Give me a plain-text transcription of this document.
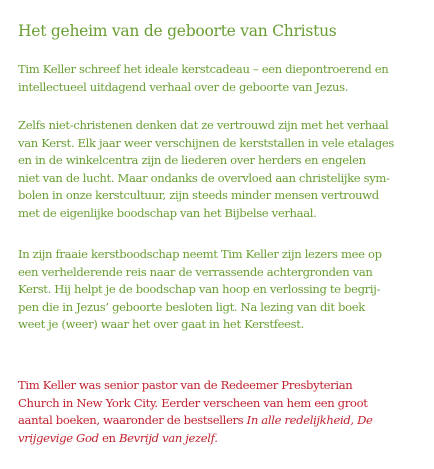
Het geheim van de geboorte van Christus

Tim Keller schreef het ideale kerstcadeau – een diepontroerend en
intellectueel uitdagend verhaal over de geboorte van Jezus.

Zelfs niet-christenen denken dat ze vertrouwd zijn met het verhaal
van Kerst. Elk jaar weer verschijnen de kerststallen in vele etalages
en in de winkelcentra zijn de liederen over herders en engelen
niet van de lucht. Maar ondanks de overvloed aan christelijke sym-
bolen in onze kerstcultuur, zijn steeds minder mensen vertrouwd
met de eigenlijke boodschap van het Bijbelse verhaal.

In zijn fraaie kerstboodschap neemt Tim Keller zijn lezers mee op
een verhelderende reis naar de verrassende achtergronden van
Kerst. Hij helpt je de boodschap van hoop en verlossing te begrij-
pen die in Jezus’ geboorte besloten ligt. Na lezing van dit boek
weet je (weer) waar het over gaat in het Kerstfeest.

Tim Keller was senior pastor van de Redeemer Presbyterian
Church in New York City. Eerder verscheen van hem een groot
aantal boeken, waaronder de bestsellers In alle redelijkheid, De
vrijgevige God en Bevrijd van jezelf.
